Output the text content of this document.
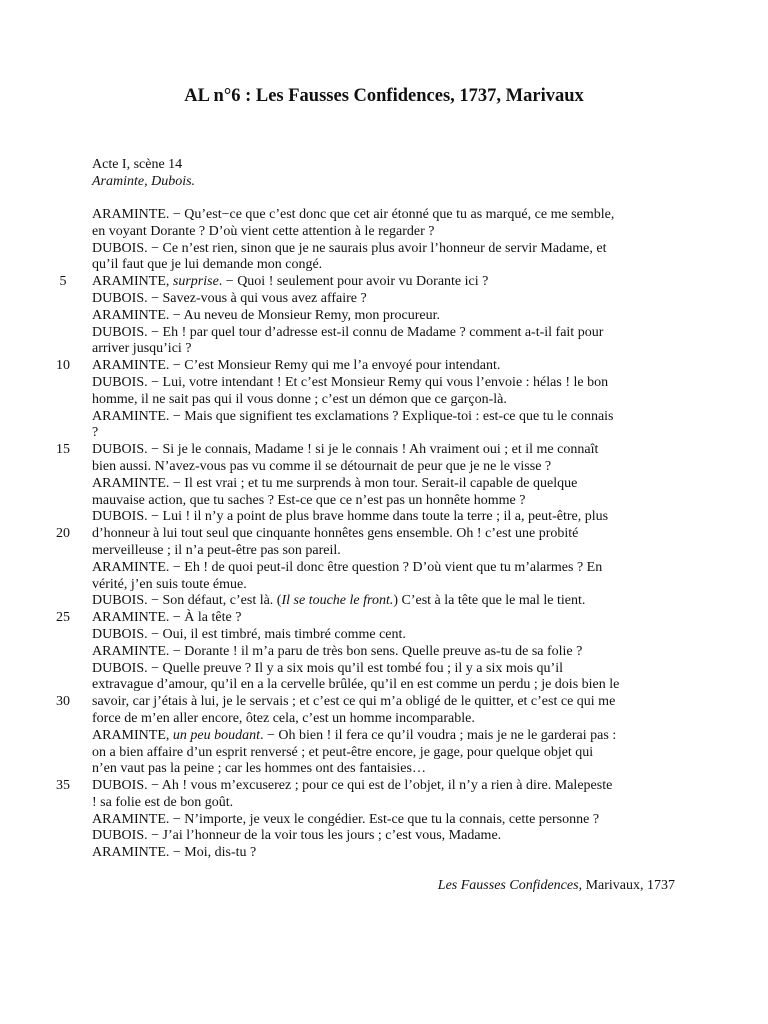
AL n°6 : Les Fausses Confidences, 1737, Marivaux
Acte I, scène 14
Araminte, Dubois.
ARAMINTE. − Qu’est−ce que c’est donc que cet air étonné que tu as marqué, ce me semble,
en voyant Dorante ? D’où vient cette attention à le regarder ?
DUBOIS. − Ce n’est rien, sinon que je ne saurais plus avoir l’honneur de servir Madame, et
qu’il faut que je lui demande mon congé.
5	ARAMINTE, surprise. − Quoi ! seulement pour avoir vu Dorante ici ?
DUBOIS. − Savez-vous à qui vous avez affaire ?
ARAMINTE. − Au neveu de Monsieur Remy, mon procureur.
DUBOIS. − Eh ! par quel tour d’adresse est-il connu de Madame ? comment a-t-il fait pour
arriver jusqu’ici ?
10	ARAMINTE. − C’est Monsieur Remy qui me l’a envoyé pour intendant.
DUBOIS. − Lui, votre intendant ! Et c’est Monsieur Remy qui vous l’envoie : hélas ! le bon
homme, il ne sait pas qui il vous donne ; c’est un démon que ce garçon-là.
ARAMINTE. − Mais que signifient tes exclamations ? Explique-toi : est-ce que tu le connais
?
15	DUBOIS. − Si je le connais, Madame ! si je le connais ! Ah vraiment oui ; et il me connaît
bien aussi. N’avez-vous pas vu comme il se détournait de peur que je ne le visse ?
ARAMINTE. − Il est vrai ; et tu me surprends à mon tour. Serait-il capable de quelque
mauvaise action, que tu saches ? Est-ce que ce n’est pas un honnête homme ?
DUBOIS. − Lui ! il n’y a point de plus brave homme dans toute la terre ; il a, peut-être, plus
20	d’honneur à lui tout seul que cinquante honnêtes gens ensemble. Oh ! c’est une probité
merveilleuse ; il n’a peut-être pas son pareil.
ARAMINTE. − Eh ! de quoi peut-il donc être question ? D’où vient que tu m’alarmes ? En
vérité, j’en suis toute émue.
DUBOIS. − Son défaut, c’est là. (Il se touche le front.) C’est à la tête que le mal le tient.
25	ARAMINTE. − À la tête ?
DUBOIS. − Oui, il est timbré, mais timbré comme cent.
ARAMINTE. − Dorante ! il m’a paru de très bon sens. Quelle preuve as-tu de sa folie ?
DUBOIS. − Quelle preuve ? Il y a six mois qu’il est tombé fou ; il y a six mois qu’il
extravague d’amour, qu’il en a la cervelle brûlée, qu’il en est comme un perdu ; je dois bien le
30	savoir, car j’étais à lui, je le servais ; et c’est ce qui m’a obligé de le quitter, et c’est ce qui me
force de m’en aller encore, ôtez cela, c’est un homme incomparable.
ARAMINTE, un peu boudant. − Oh bien ! il fera ce qu’il voudra ; mais je ne le garderai pas :
on a bien affaire d’un esprit renversé ; et peut-être encore, je gage, pour quelque objet qui
n’en vaut pas la peine ; car les hommes ont des fantaisies…
35	DUBOIS. − Ah ! vous m’excuserez ; pour ce qui est de l’objet, il n’y a rien à dire. Malepeste
! sa folie est de bon goût.
ARAMINTE. − N’importe, je veux le congédier. Est-ce que tu la connais, cette personne ?
DUBOIS. − J’ai l’honneur de la voir tous les jours ; c’est vous, Madame.
ARAMINTE. − Moi, dis-tu ?
Les Fausses Confidences, Marivaux, 1737
